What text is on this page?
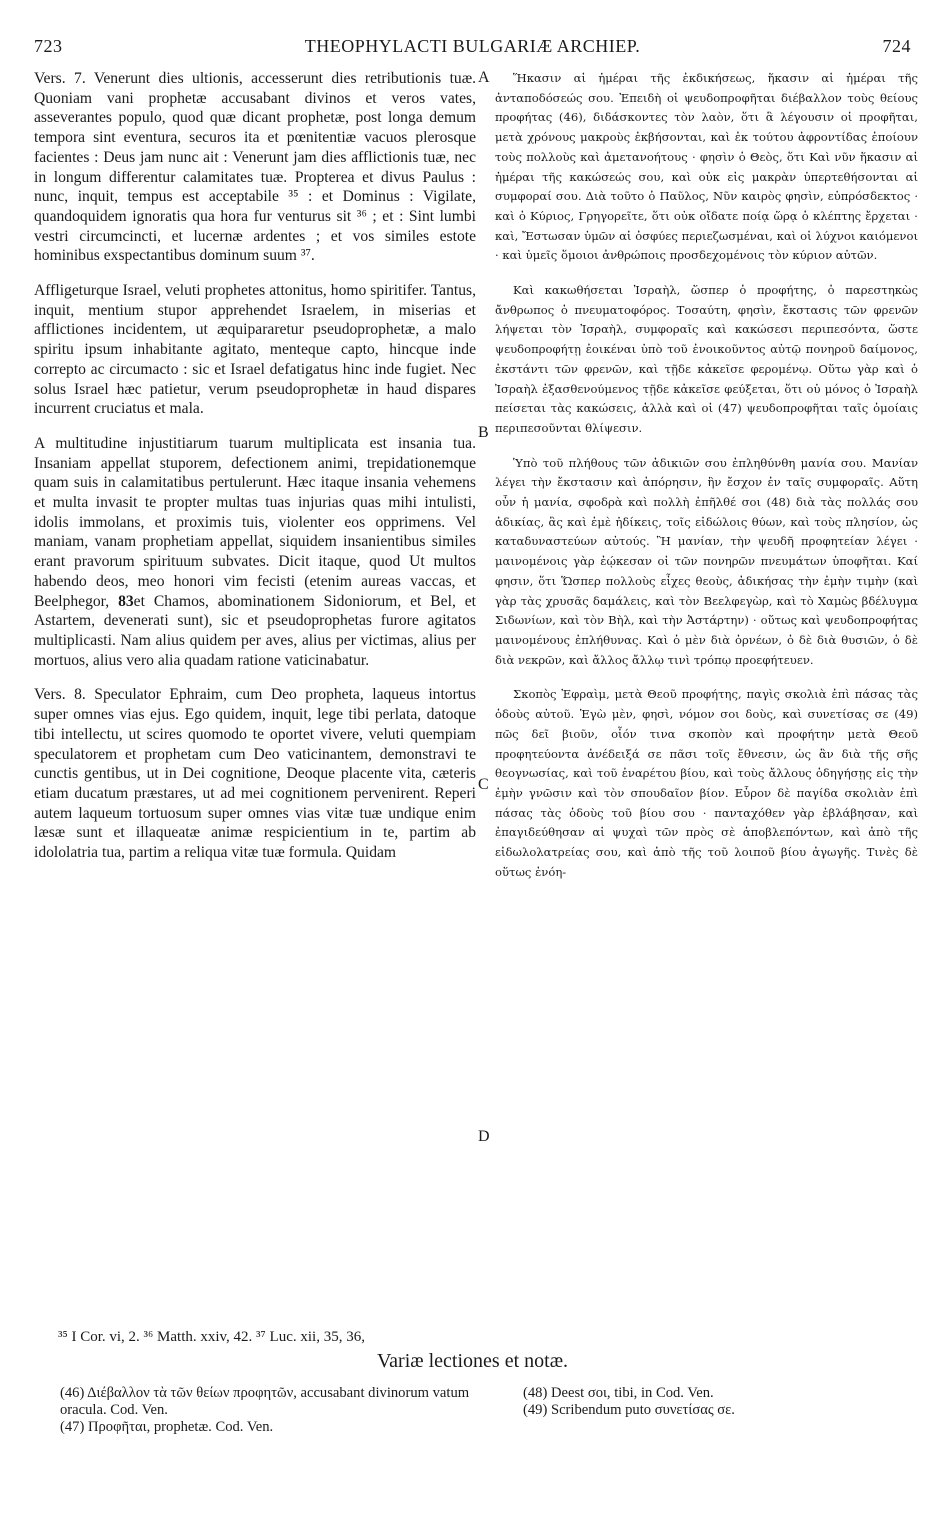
723	THEOPHYLACTI BULGARIÆ ARCHIEP.	724

Vers. 7. Venerunt dies ultionis, accesserunt dies retributionis tuæ. Quoniam vani prophetæ accusabant divinos et veros vates, asseverantes populo, quod quæ dicant prophetæ, post longa demum tempora sint eventura, securos ita et pœnitentiæ vacuos plerosque facientes : Deus jam nunc ait : Venerunt jam dies afflictionis tuæ, nec in longum differentur calamitates tuæ. Propterea et divus Paulus : nunc, inquit, tempus est acceptabile ³⁵ : et Dominus : Vigilate, quandoquidem ignoratis qua hora fur venturus sit ³⁶ ; et : Sint lumbi vestri circumcincti, et lucernæ ardentes ; et vos similes estote hominibus exspectantibus dominum suum ³⁷.

Affligeturque Israel, veluti prophetes attonitus, homo spiritifer. Tantus, inquit, mentium stupor apprehendet Israelem, in miserias et afflictiones incidentem, ut æquipararetur pseudoprophetæ, a malo spiritu ipsum inhabitante agitato, menteque capto, hincque inde correpto ac circumacto : sic et Israel defatigatus hinc inde fugiet. Nec solus Israel hæc patietur, verum pseudoprophetæ in haud dispares incurrent cruciatus et mala.

A multitudine injustitiarum tuarum multiplicata est insania tua. Insaniam appellat stuporem, defectionem animi, trepidationemque quam suis in calamitatibus pertulerunt. Hæc itaque insania vehemens et multa invasit te propter multas tuas injurias quas mihi intulisti, idolis immolans, et proximis tuis, violenter eos opprimens. Vel maniam, vanam prophetiam appellat, siquidem insanientibus similes erant pravorum spirituum subvates. Dicit itaque, quod Ut multos habendo deos, meo honori vim fecisti (etenim aureas vaccas, et Beelphegor, 83et Chamos, abominationem Sidoniorum, et Bel, et Astartem, devenerati sunt), sic et pseudoprophetas furore agitatos multiplicasti. Nam alius quidem per aves, alius per victimas, alius per mortuos, alius vero alia quadam ratione vaticinabatur.

Vers. 8. Speculator Ephraim, cum Deo propheta, laqueus intortus super omnes vias ejus. Ego quidem, inquit, lege tibi perlata, datoque tibi intellectu, ut scires quomodo te oportet vivere, veluti quempiam speculatorem et prophetam cum Deo vaticinantem, demonstravi te cunctis gentibus, ut in Dei cognitione, Deoque placente vita, cæteris etiam ducatum præstares, ut ad mei cognitionem pervenirent. Reperi autem laqueum tortuosum super omnes vias vitæ tuæ undique enim læsæ sunt et illaqueatæ animæ respicientium in te, partim ab idololatria tua, partim a reliqua vitæ tuæ formula. Quidam

A
B
C
D

Ἥκασιν αἱ ἡμέραι τῆς ἐκδικήσεως, ἥκασιν αἱ ἡμέραι τῆς ἀνταποδόσεώς σου. Ἐπειδὴ οἱ ψευδοπροφῆται διέβαλλον τοὺς θείους προφήτας (46), διδάσκοντες τὸν λαὸν, ὅτι ἃ λέγουσιν οἱ προφῆται, μετὰ χρόνους μακροὺς ἐκβήσονται, καὶ ἐκ τούτου ἀφροντίδας ἐποίουν τοὺς πολλοὺς καὶ ἀμετανοήτους · φησὶν ὁ Θεὸς, ὅτι Καὶ νῦν ἥκασιν αἱ ἡμέραι τῆς κακώσεώς σου, καὶ οὐκ εἰς μακρὰν ὑπερτεθήσονται αἱ συμφοραί σου. Διὰ τοῦτο ὁ Παῦλος, Νῦν καιρὸς φησὶν, εὐπρόσδεκτος · καὶ ὁ Κύριος, Γρηγορεῖτε, ὅτι οὐκ οἴδατε ποίᾳ ὥρᾳ ὁ κλέπτης ἔρχεται · καὶ, Ἔστωσαν ὑμῶν αἱ ὀσφύες περιεζωσμέναι, καὶ οἱ λύχνοι καιόμενοι · καὶ ὑμεῖς ὅμοιοι ἀνθρώποις προσδεχομένοις τὸν κύριον αὐτῶν.

Καὶ κακωθήσεται Ἰσραὴλ, ὥσπερ ὁ προφήτης, ὁ παρεστηκὼς ἄνθρωπος ὁ πνευματοφόρος. Τοσαύτη, φησὶν, ἔκστασις τῶν φρενῶν λήψεται τὸν Ἰσραὴλ, συμφοραῖς καὶ κακώσεσι περιπεσόντα, ὥστε ψευδοπροφήτῃ ἐοικέναι ὑπὸ τοῦ ἐνοικοῦντος αὐτῷ πονηροῦ δαίμονος, ἐκστάντι τῶν φρενῶν, καὶ τῇδε κἀκεῖσε φερομένῳ. Οὕτω γὰρ καὶ ὁ Ἰσραὴλ ἐξασθενούμενος τῇδε κἀκεῖσε φεύξεται, ὅτι οὐ μόνος ὁ Ἰσραὴλ πείσεται τὰς κακώσεις, ἀλλὰ καὶ οἱ (47) ψευδοπροφῆται ταῖς ὁμοίαις περιπεσοῦνται θλίψεσιν.

Ὑπὸ τοῦ πλήθους τῶν ἀδικιῶν σου ἐπληθύνθη μανία σου. Μανίαν λέγει τὴν ἔκστασιν καὶ ἀπόρησιν, ἣν ἔσχον ἐν ταῖς συμφοραῖς. Αὕτη οὖν ἡ μανία, σφοδρὰ καὶ πολλὴ ἐπῆλθέ σοι (48) διὰ τὰς πολλάς σου ἀδικίας, ἃς καὶ ἐμὲ ἠδίκεις, τοῖς εἰδώλοις θύων, καὶ τοὺς πλησίον, ὡς καταδυναστεύων αὐτούς. Ἢ μανίαν, τὴν ψευδῆ προφητείαν λέγει · μαινομένοις γὰρ ἐῴκεσαν οἱ τῶν πονηρῶν πνευμάτων ὑποφῆται. Καί φησιν, ὅτι Ὥσπερ πολλοὺς εἶχες θεοὺς, ἀδικήσας τὴν ἐμὴν τιμὴν (καὶ γὰρ τὰς χρυσᾶς δαμάλεις, καὶ τὸν Βεελφεγὼρ, καὶ τὸ Χαμὼς βδέλυγμα Σιδωνίων, καὶ τὸν Βὴλ, καὶ τὴν Ἀστάρτην) · οὕτως καὶ ψευδοπροφήτας μαινομένους ἐπλήθυνας. Καὶ ὁ μὲν διὰ ὀρνέων, ὁ δὲ διὰ θυσιῶν, ὁ δὲ διὰ νεκρῶν, καὶ ἄλλος ἄλλῳ τινὶ τρόπῳ προεφήτευεν.

Σκοπὸς Ἐφραὶμ, μετὰ Θεοῦ προφήτης, παγὶς σκολιὰ ἐπὶ πάσας τὰς ὁδοὺς αὐτοῦ. Ἐγὼ μὲν, φησὶ, νόμον σοι δοὺς, καὶ συνετίσας σε (49) πῶς δεῖ βιοῦν, οἷόν τινα σκοπὸν καὶ προφήτην μετὰ Θεοῦ προφητεύοντα ἀνέδειξά σε πᾶσι τοῖς ἔθνεσιν, ὡς ἂν διὰ τῆς σῆς θεογνωσίας, καὶ τοῦ ἐναρέτου βίου, καὶ τοὺς ἄλλους ὁδηγήσῃς εἰς τὴν ἐμὴν γνῶσιν καὶ τὸν σπουδαῖον βίον. Εὗρον δὲ παγίδα σκολιὰν ἐπὶ πάσας τὰς ὁδοὺς τοῦ βίου σου · πανταχόθεν γὰρ ἐβλάβησαν, καὶ ἐπαγιδεύθησαν αἱ ψυχαὶ τῶν πρὸς σὲ ἀποβλεπόντων, καὶ ἀπὸ τῆς εἰδωλολατρείας σου, καὶ ἀπὸ τῆς τοῦ λοιποῦ βίου ἀγωγῆς. Τινὲς δὲ οὕτως ἐνόη-

³⁵ I Cor. vi, 2. ³⁶ Matth. xxiv, 42. ³⁷ Luc. xii, 35, 36,
Variæ lectiones et notæ.
(46) Διέβαλλον τὰ τῶν θείων προφητῶν, accusabant divinorum vatum oracula. Cod. Ven.
(47) Προφῆται, prophetæ. Cod. Ven.
(48) Deest σοι, tibi, in Cod. Ven.
(49) Scribendum puto συνετίσας σε.
